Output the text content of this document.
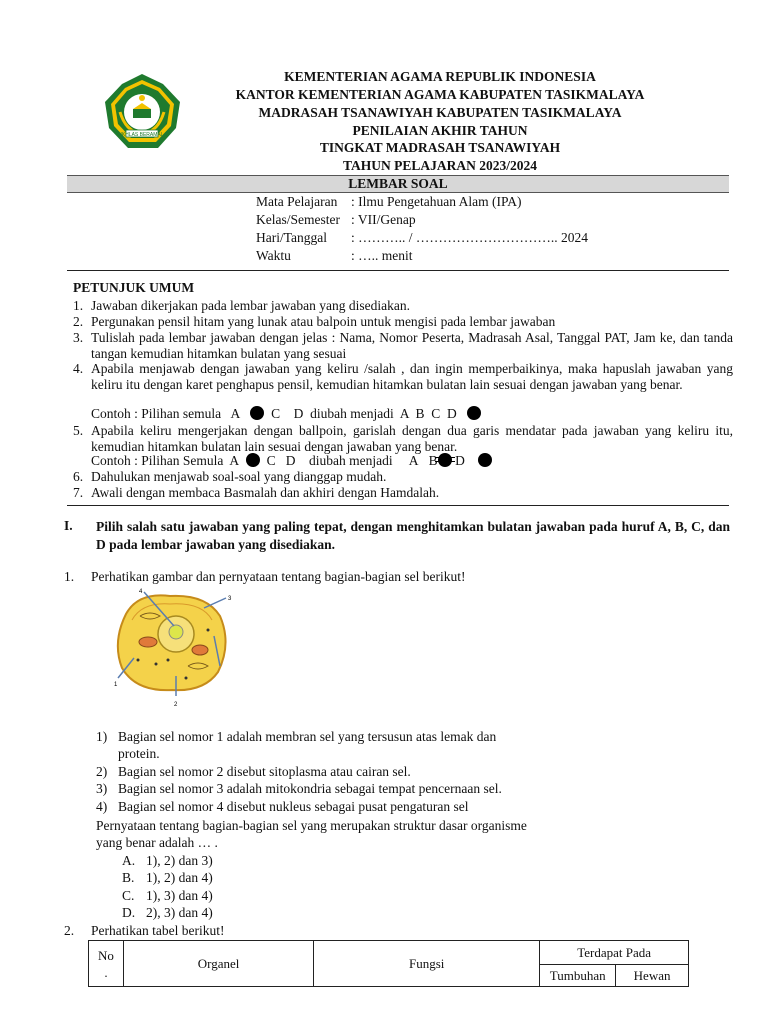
IKHLAS BERAMAL
KEMENTERIAN AGAMA REPUBLIK INDONESIA
KANTOR KEMENTERIAN AGAMA KABUPATEN TASIKMALAYA
MADRASAH TSANAWIYAH KABUPATEN TASIKMALAYA
PENILAIAN AKHIR TAHUN
TINGKAT MADRASAH TSANAWIYAH
TAHUN PELAJARAN 2023/2024
LEMBAR SOAL
Mata Pelajaran : Ilmu Pengetahuan Alam (IPA)
Kelas/Semester : VII/Genap
Hari/Tanggal : ……….. / ………………………….. 2024
Waktu	: ….. menit
PETUNJUK UMUM
1. Jawaban dikerjakan pada lembar jawaban yang disediakan.
2. Pergunakan pensil hitam yang lunak atau balpoin untuk mengisi pada lembar jawaban
3. Tulislah pada lembar jawaban dengan jelas : Nama, Nomor Peserta, Madrasah Asal, Tanggal PAT, Jam ke, dan tanda tangan kemudian hitamkan bulatan yang sesuai
4. Apabila menjawab dengan jawaban yang keliru /salah , dan ingin memperbaikinya, maka hapuslah jawaban yang keliru itu dengan karet penghapus pensil, kemudian hitamkan bulatan lain sesuai dengan jawaban yang benar.
Contoh : Pilihan semula A C D diubah menjadi A  B  C  D
5. Apabila keliru mengerjakan dengan ballpoin, garislah dengan dua garis mendatar pada jawaban yang keliru itu, kemudian hitamkan bulatan lain sesuai dengan jawaban yang benar.
Contoh : Pilihan Semula A C D diubah menjadi A B D
6. Dahulukan menjawab soal-soal yang dianggap mudah.
7. Awali dengan membaca Basmalah dan akhiri dengan Hamdalah.
I. Pilih salah satu jawaban yang paling tepat, dengan menghitamkan bulatan jawaban pada huruf A, B, C, dan D pada lembar jawaban yang disediakan.
1. Perhatikan gambar dan pernyataan tentang bagian-bagian sel berikut!
1
2
3
4
1) Bagian sel nomor 1 adalah membran sel yang tersusun atas lemak dan
protein.
2) Bagian sel nomor 2 disebut sitoplasma atau cairan sel.
3) Bagian sel nomor 3 adalah mitokondria sebagai tempat pencernaan sel.
4) Bagian sel nomor 4 disebut nukleus sebagai pusat pengaturan sel
Pernyataan tentang bagian-bagian sel yang merupakan struktur dasar organisme
yang benar adalah … .
A. 1), 2) dan 3)
B. 1), 2) dan 4)
C. 1), 3) dan 4)
D. 2), 3) dan 4)
2. Perhatikan tabel berikut!
No
.	Organel	Fungsi	Terdapat Pada	
			Tumbuhan	Hewan
